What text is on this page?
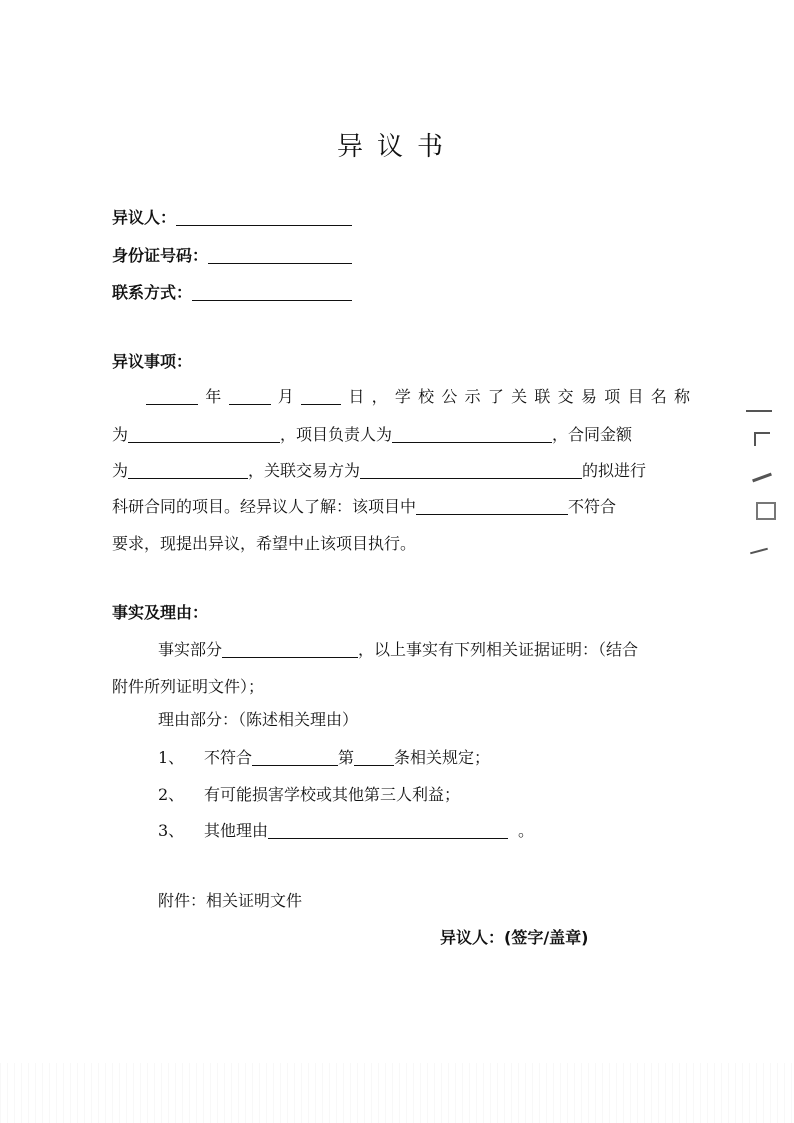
异议书
异议人：
身份证号码：
联系方式：
异议事项：
年	月	日，学校公示了关联交易项目名称
为	，项目负责人为	，合同金额
为	，关联交易方为	的拟进行
科研合同的项目。经异议人了解：该项目中	不符合
要求，现提出异议，希望中止该项目执行。
事实及理由：
事实部分	，以上事实有下列相关证据证明：（结合
附件所列证明文件）；
理由部分：（陈述相关理由）
1、 不符合	第	条相关规定；
2、 有可能损害学校或其他第三人利益；
3、 其他理由	。
附件：相关证明文件
异议人：(签字/盖章)
